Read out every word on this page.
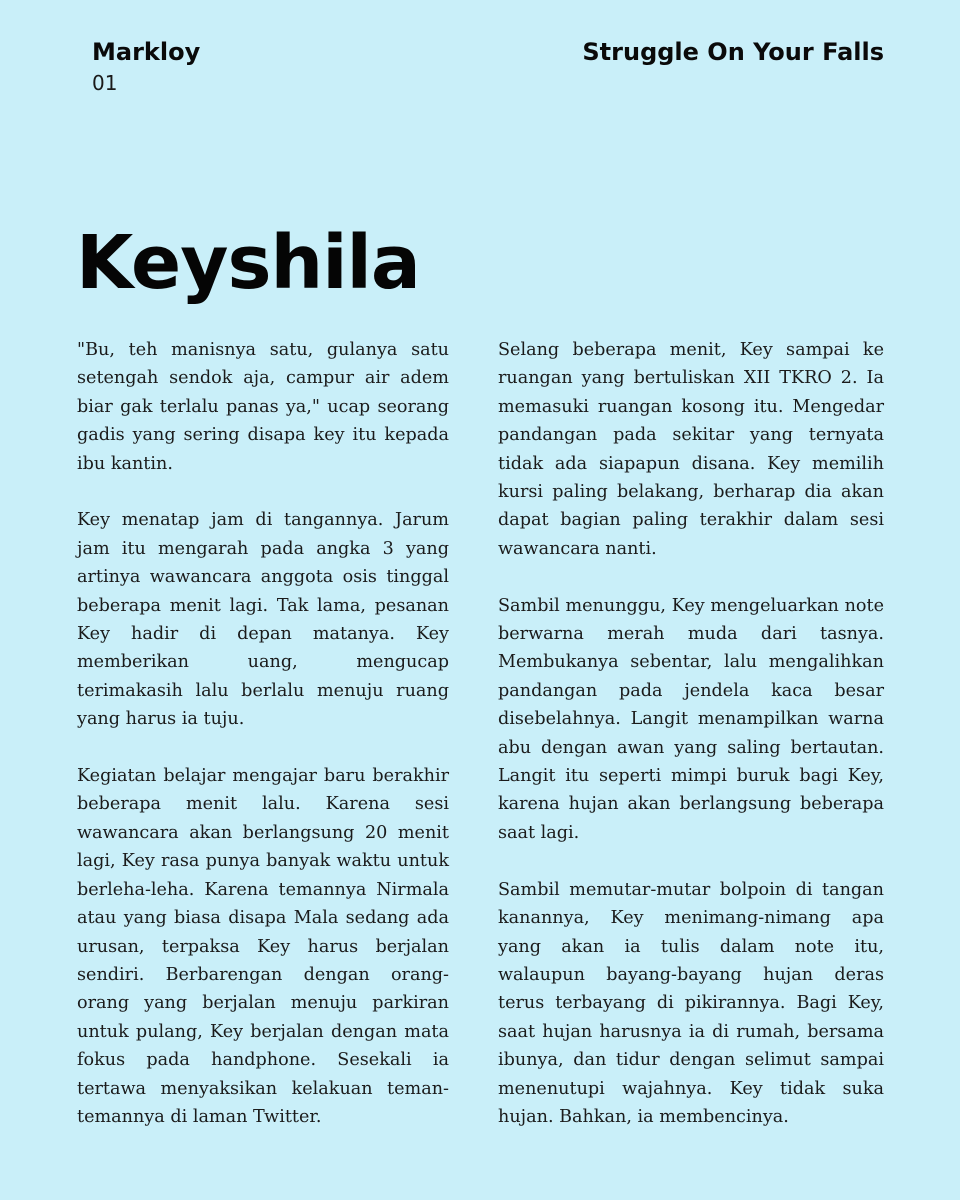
Markloy
01
Struggle On Your Falls
Keyshila

"Bu, teh manisnya satu, gulanya satu setengah sendok aja, campur air adem biar gak terlalu panas ya," ucap seorang gadis yang sering disapa key itu kepada ibu kantin.

Key menatap jam di tangannya. Jarum jam itu mengarah pada angka 3 yang artinya wawancara anggota osis tinggal beberapa menit lagi. Tak lama, pesanan Key hadir di depan matanya. Key memberikan uang, mengucap terimakasih lalu berlalu menuju ruang yang harus ia tuju.

Kegiatan belajar mengajar baru berakhir beberapa menit lalu. Karena sesi wawancara akan berlangsung 20 menit lagi, Key rasa punya banyak waktu untuk berleha-leha. Karena temannya Nirmala atau yang biasa disapa Mala sedang ada urusan, terpaksa Key harus berjalan sendiri. Berbarengan dengan orang-orang yang berjalan menuju parkiran untuk pulang, Key berjalan dengan mata fokus pada handphone. Sesekali ia tertawa menyaksikan kelakuan teman-temannya di laman Twitter.

Selang beberapa menit, Key sampai ke ruangan yang bertuliskan XII TKRO 2. Ia memasuki ruangan kosong itu. Mengedar pandangan pada sekitar yang ternyata tidak ada siapapun disana. Key memilih kursi paling belakang, berharap dia akan dapat bagian paling terakhir dalam sesi wawancara nanti.

Sambil menunggu, Key mengeluarkan note berwarna merah muda dari tasnya. Membukanya sebentar, lalu mengalihkan pandangan pada jendela kaca besar disebelahnya. Langit menampilkan warna abu dengan awan yang saling bertautan. Langit itu seperti mimpi buruk bagi Key, karena hujan akan berlangsung beberapa saat lagi.

Sambil memutar-mutar bolpoin di tangan kanannya, Key menimang-nimang apa yang akan ia tulis dalam note itu, walaupun bayang-bayang hujan deras terus terbayang di pikirannya. Bagi Key, saat hujan harusnya ia di rumah, bersama ibunya, dan tidur dengan selimut sampai menenutupi wajahnya. Key tidak suka hujan. Bahkan, ia membencinya.
